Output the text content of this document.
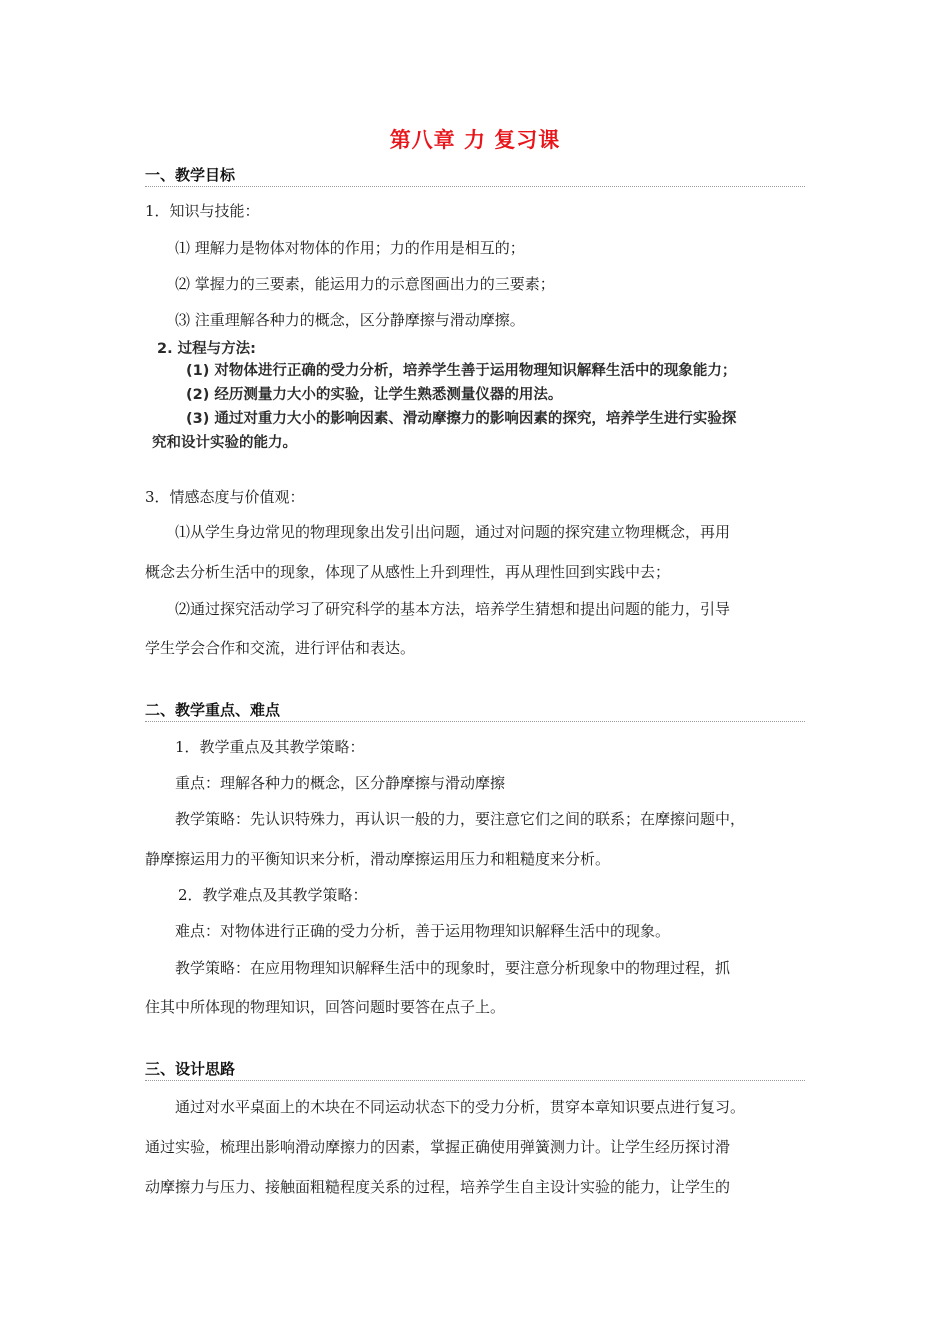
第八章 力 复习课
一、教学目标
1．知识与技能：
⑴ 理解力是物体对物体的作用；力的作用是相互的；
⑵ 掌握力的三要素，能运用力的示意图画出力的三要素；
⑶ 注重理解各种力的概念，区分静摩擦与滑动摩擦。
2. 过程与方法:
(1) 对物体进行正确的受力分析，培养学生善于运用物理知识解释生活中的现象能力；
(2) 经历测量力大小的实验，让学生熟悉测量仪器的用法。
(3) 通过对重力大小的影响因素、滑动摩擦力的影响因素的探究，培养学生进行实验探
究和设计实验的能力。
3．情感态度与价值观：
⑴从学生身边常见的物理现象出发引出问题，通过对问题的探究建立物理概念，再用
概念去分析生活中的现象，体现了从感性上升到理性，再从理性回到实践中去；
⑵通过探究活动学习了研究科学的基本方法，培养学生猜想和提出问题的能力，引导
学生学会合作和交流，进行评估和表达。
二、教学重点、难点
1．教学重点及其教学策略：
重点：理解各种力的概念，区分静摩擦与滑动摩擦
教学策略：先认识特殊力，再认识一般的力，要注意它们之间的联系；在摩擦问题中，
静摩擦运用力的平衡知识来分析，滑动摩擦运用压力和粗糙度来分析。
2．教学难点及其教学策略：
难点：对物体进行正确的受力分析，善于运用物理知识解释生活中的现象。
教学策略：在应用物理知识解释生活中的现象时，要注意分析现象中的物理过程，抓
住其中所体现的物理知识，回答问题时要答在点子上。
三、设计思路
通过对水平桌面上的木块在不同运动状态下的受力分析，贯穿本章知识要点进行复习。
通过实验，梳理出影响滑动摩擦力的因素，掌握正确使用弹簧测力计。让学生经历探讨滑
动摩擦力与压力、接触面粗糙程度关系的过程，培养学生自主设计实验的能力，让学生的
